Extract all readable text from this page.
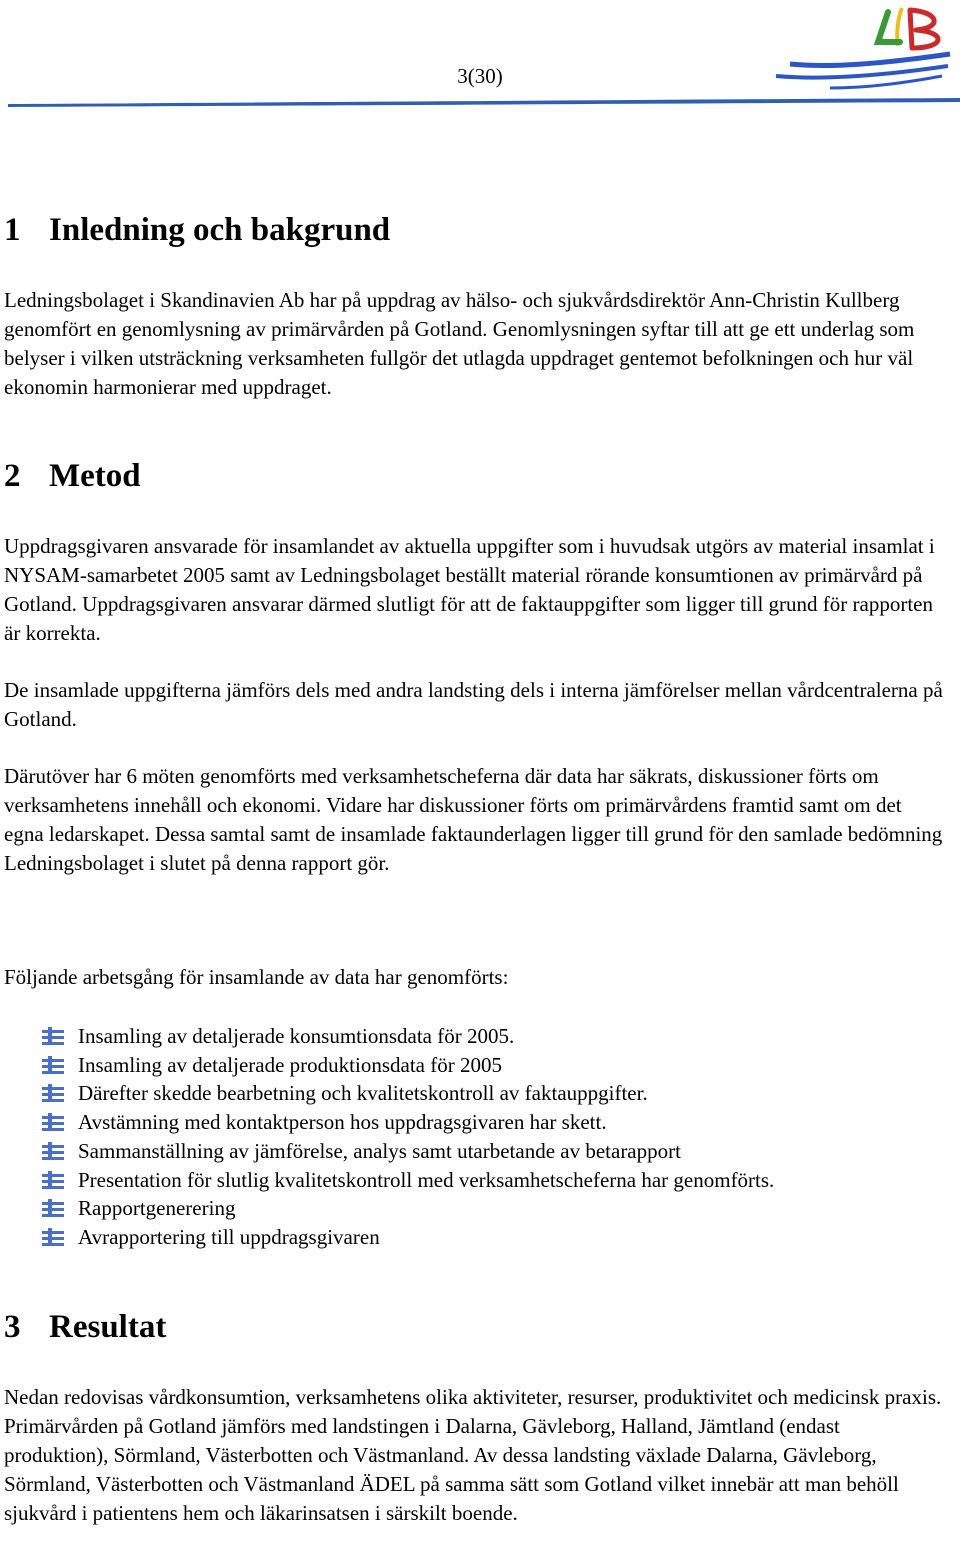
3(30)
1 Inledning och bakgrund

Ledningsbolaget i Skandinavien Ab har på uppdrag av hälso- och sjukvårdsdirektör Ann-Christin Kullberg genomfört en genomlysning av primärvården på Gotland. Genomlysningen syftar till att ge ett underlag som belyser i vilken utsträckning verksamheten fullgör det utlagda uppdraget gentemot befolkningen och hur väl ekonomin harmonierar med uppdraget.

2 Metod

Uppdragsgivaren ansvarade för insamlandet av aktuella uppgifter som i huvudsak utgörs av material insamlat i NYSAM-samarbetet 2005 samt av Ledningsbolaget beställt material rörande konsumtionen av primärvård på Gotland. Uppdragsgivaren ansvarar därmed slutligt för att de faktauppgifter som ligger till grund för rapporten är korrekta.

De insamlade uppgifterna jämförs dels med andra landsting dels i interna jämförelser mellan vårdcentralerna på Gotland.

Därutöver har 6 möten genomförts med verksamhetscheferna där data har säkrats, diskussioner förts om verksamhetens innehåll och ekonomi. Vidare har diskussioner förts om primärvårdens framtid samt om det egna ledarskapet. Dessa samtal samt de insamlade faktaunderlagen ligger till grund för den samlade bedömning Ledningsbolaget i slutet på denna rapport gör.

Följande arbetsgång för insamlande av data har genomförts:

Insamling av detaljerade konsumtionsdata för 2005.
Insamling av detaljerade produktionsdata för 2005
Därefter skedde bearbetning och kvalitetskontroll av faktauppgifter.
Avstämning med kontaktperson hos uppdragsgivaren har skett.
Sammanställning av jämförelse, analys samt utarbetande av betarapport
Presentation för slutlig kvalitetskontroll med verksamhetscheferna har genomförts.
Rapportgenerering
Avrapportering till uppdragsgivaren
3 Resultat

Nedan redovisas vårdkonsumtion, verksamhetens olika aktiviteter, resurser, produktivitet och medicinsk praxis. Primärvården på Gotland jämförs med landstingen i Dalarna, Gävleborg, Halland, Jämtland (endast produktion), Sörmland, Västerbotten och Västmanland. Av dessa landsting växlade Dalarna, Gävleborg, Sörmland, Västerbotten och Västmanland ÄDEL på samma sätt som Gotland vilket innebär att man behöll sjukvård i patientens hem och läkarinsatsen i särskilt boende.
